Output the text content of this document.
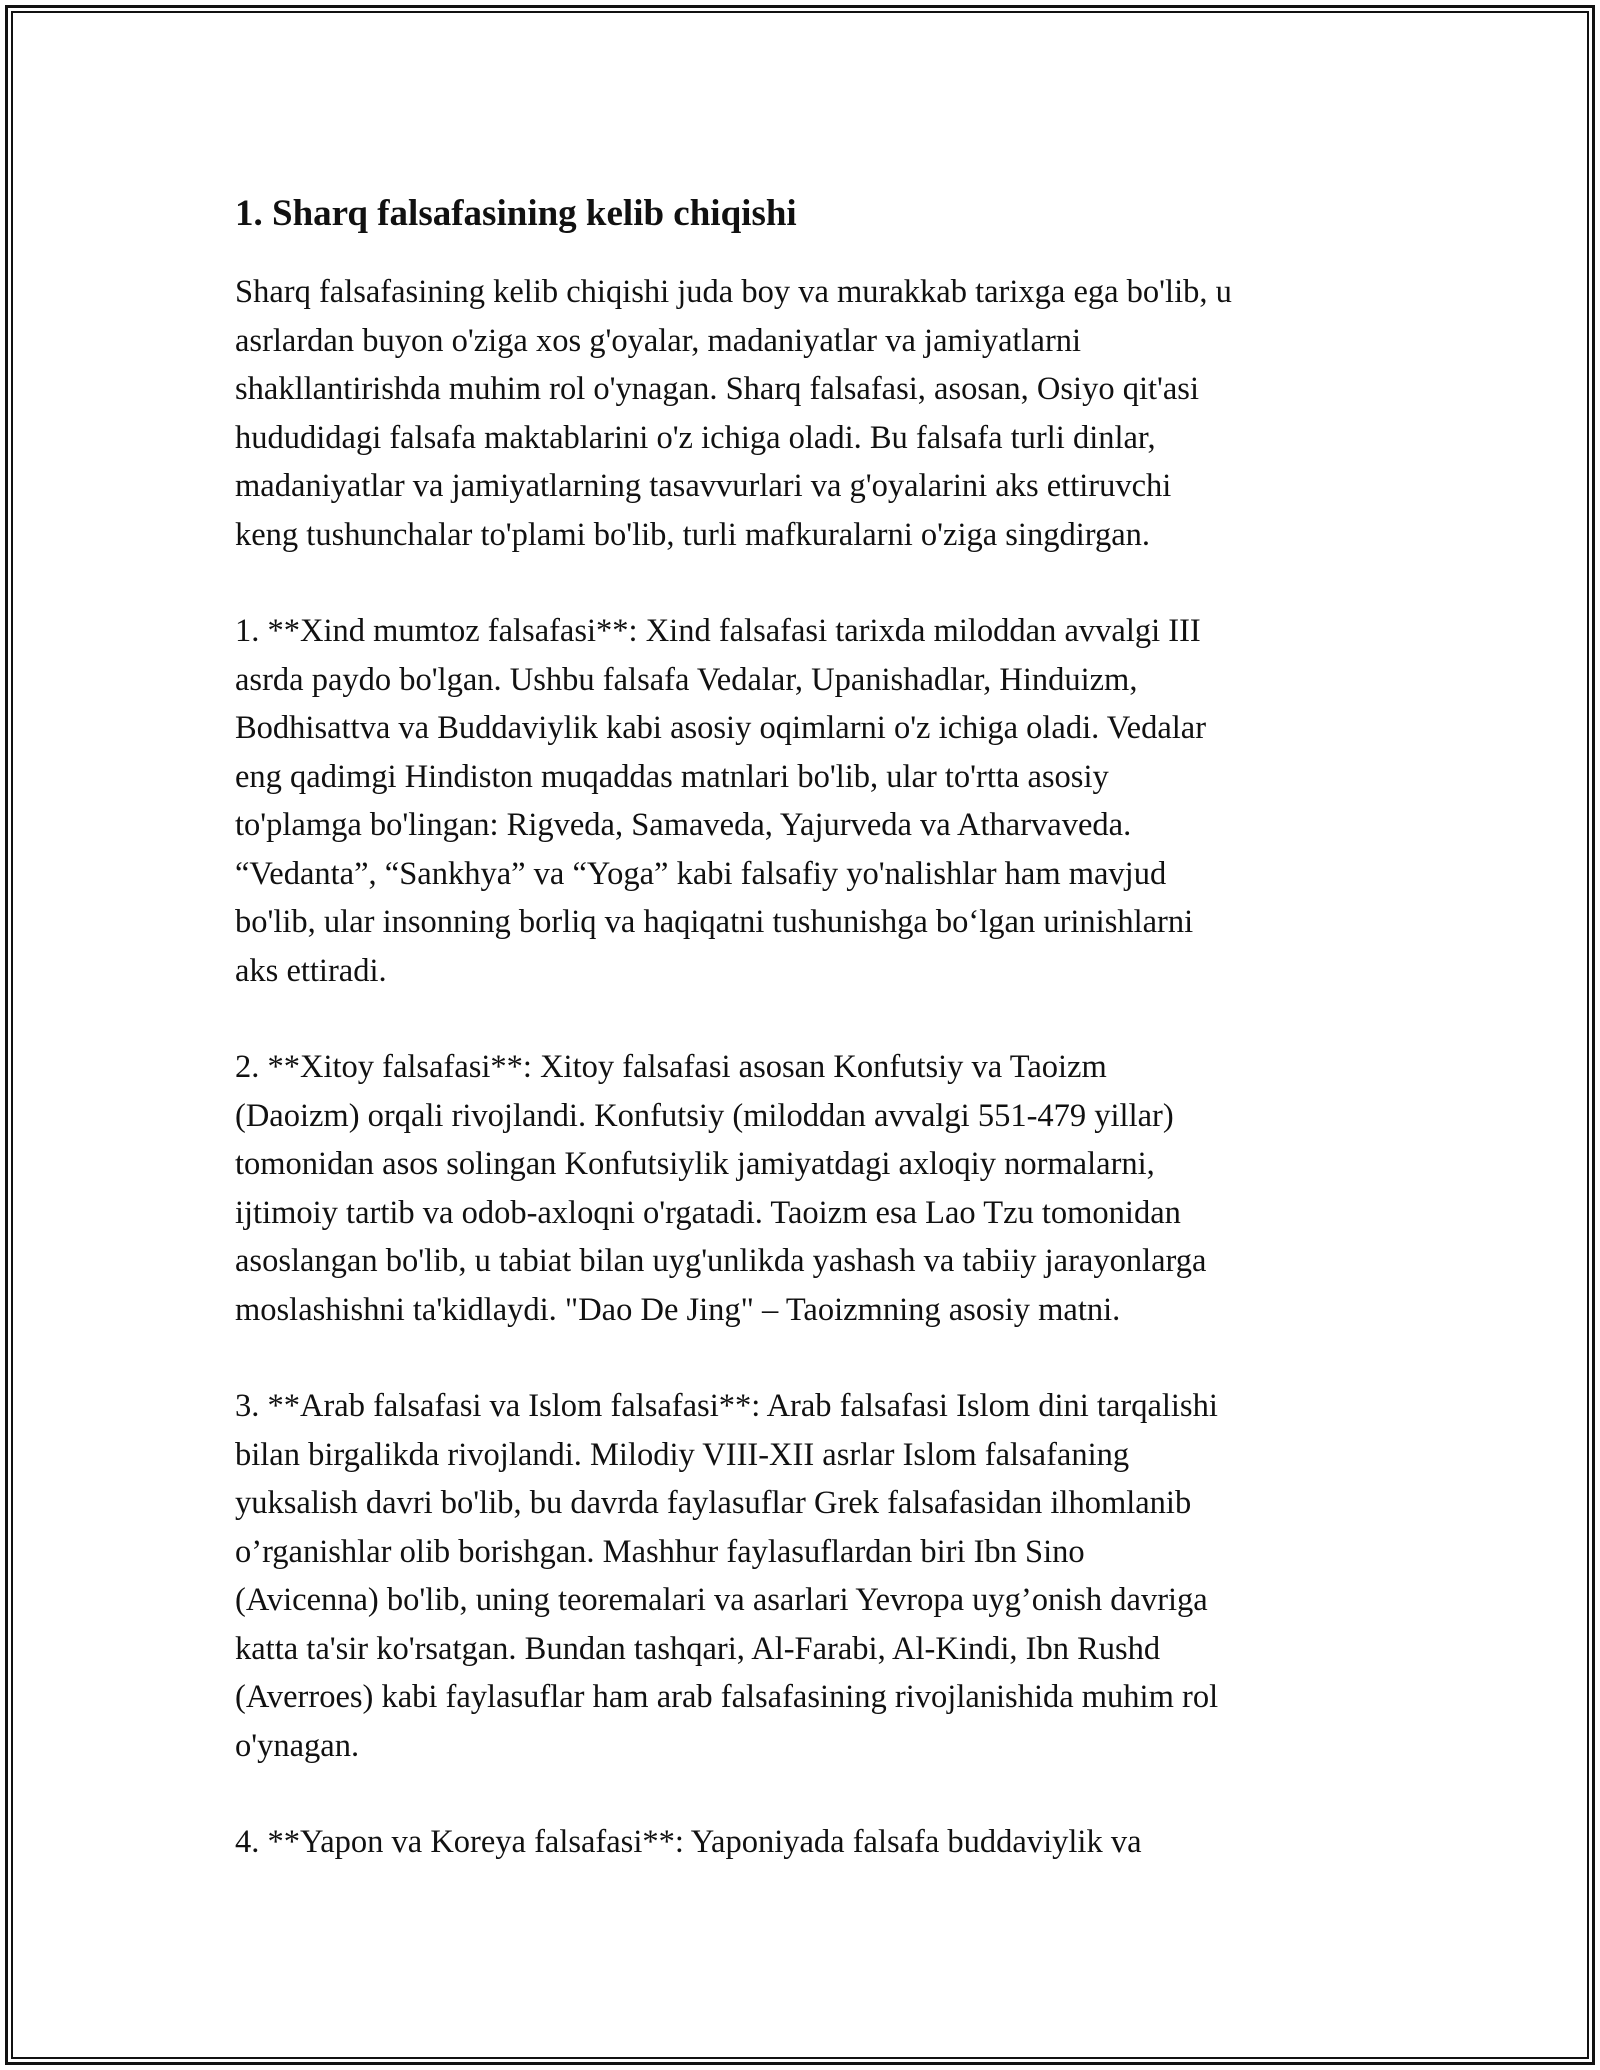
1. Sharq falsafasining kelib chiqishi

Sharq falsafasining kelib chiqishi juda boy va murakkab tarixga ega bo'lib, u
asrlardan buyon o'ziga xos g'oyalar, madaniyatlar va jamiyatlarni
shakllantirishda muhim rol o'ynagan. Sharq falsafasi, asosan, Osiyo qit'asi
hududidagi falsafa maktablarini o'z ichiga oladi. Bu falsafa turli dinlar,
madaniyatlar va jamiyatlarning tasavvurlari va g'oyalarini aks ettiruvchi
keng tushunchalar to'plami bo'lib, turli mafkuralarni o'ziga singdirgan.

1. **Xind mumtoz falsafasi**: Xind falsafasi tarixda miloddan avvalgi III
asrda paydo bo'lgan. Ushbu falsafa Vedalar, Upanishadlar, Hinduizm,
Bodhisattva va Buddaviylik kabi asosiy oqimlarni o'z ichiga oladi. Vedalar
eng qadimgi Hindiston muqaddas matnlari bo'lib, ular to'rtta asosiy
to'plamga bo'lingan: Rigveda, Samaveda, Yajurveda va Atharvaveda.
“Vedanta”, “Sankhya” va “Yoga” kabi falsafiy yo'nalishlar ham mavjud
bo'lib, ular insonning borliq va haqiqatni tushunishga bo‘lgan urinishlarni
aks ettiradi.

2. **Xitoy falsafasi**: Xitoy falsafasi asosan Konfutsiy va Taoizm
(Daoizm) orqali rivojlandi. Konfutsiy (miloddan avvalgi 551-479 yillar)
tomonidan asos solingan Konfutsiylik jamiyatdagi axloqiy normalarni,
ijtimoiy tartib va odob-axloqni o'rgatadi. Taoizm esa Lao Tzu tomonidan
asoslangan bo'lib, u tabiat bilan uyg'unlikda yashash va tabiiy jarayonlarga
moslashishni ta'kidlaydi. "Dao De Jing" – Taoizmning asosiy matni.

3. **Arab falsafasi va Islom falsafasi**: Arab falsafasi Islom dini tarqalishi
bilan birgalikda rivojlandi. Milodiy VIII-XII asrlar Islom falsafaning
yuksalish davri bo'lib, bu davrda faylasuflar Grek falsafasidan ilhomlanib
o’rganishlar olib borishgan. Mashhur faylasuflardan biri Ibn Sino
(Avicenna) bo'lib, uning teoremalari va asarlari Yevropa uyg’onish davriga
katta ta'sir ko'rsatgan. Bundan tashqari, Al-Farabi, Al-Kindi, Ibn Rushd
(Averroes) kabi faylasuflar ham arab falsafasining rivojlanishida muhim rol
o'ynagan.

4. **Yapon va Koreya falsafasi**: Yaponiyada falsafa buddaviylik va
